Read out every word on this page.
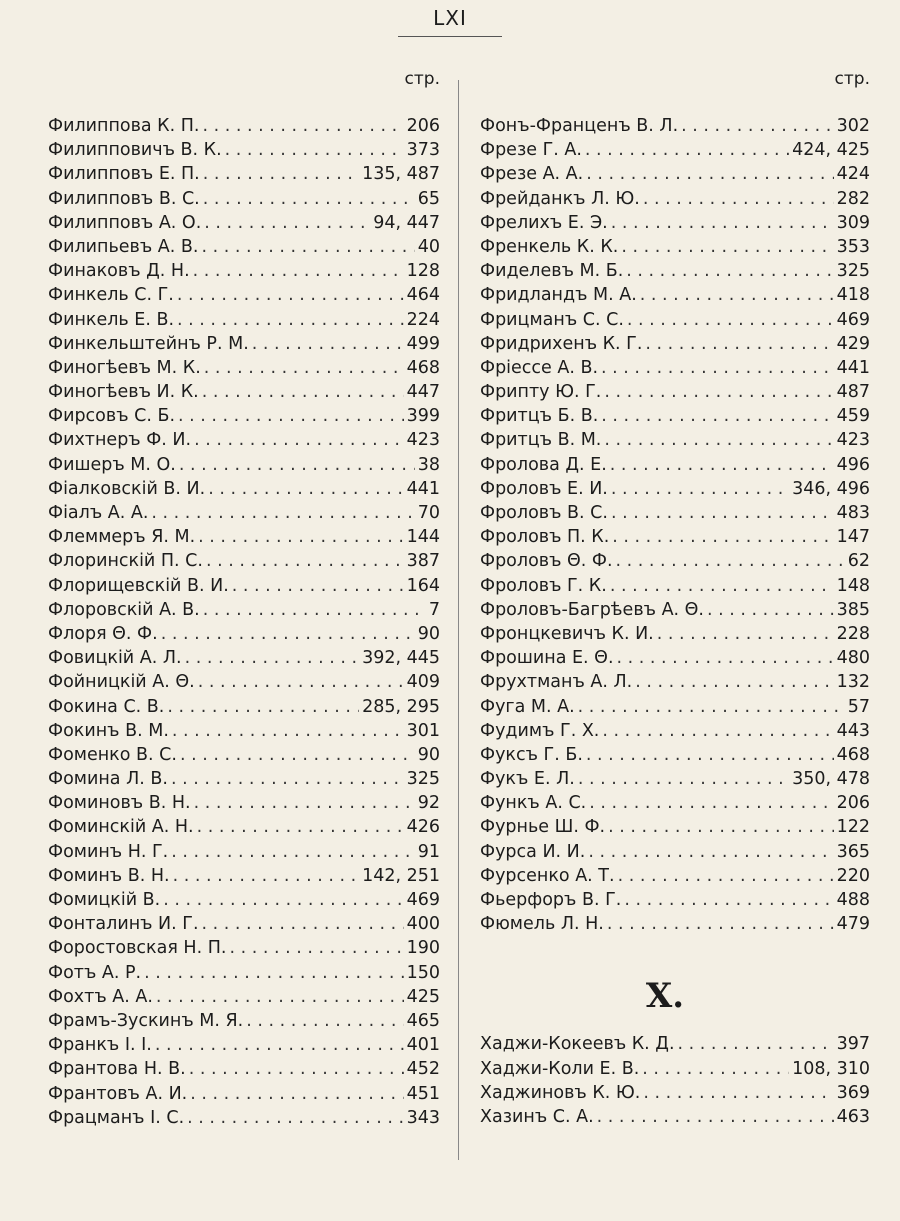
LXI
стр.
Филиппова К. П. . . .	206
Филипповичъ В. К. . . .	373
Филипповъ Е. П. . . .	135, 487
Филипповъ В. С. . . .	65
Филипповъ А. О. . . .	94, 447
Филипьевъ А. В. . . .	40
Финаковъ Д. Н. . . .	128
Финкель С. Г. . . .	464
Финкель Е. В. . . .	224
Финкельштейнъ Р. М. . . .	499
Финогѣевъ М. К. . . .	468
Финогѣевъ И. К. . . .	447
Фирсовъ С. Б. . . .	399
Фихтнеръ Ф. И. . . .	423
Фишеръ М. О. . . .	38
Фіалковскій В. И. . . .	441
Фіалъ А. А. . . .	70
Флеммеръ Я. М. . . .	144
Флоринскій П. С. . . .	387
Флорищевскій В. И. . . .	164
Флоровскій А. В. . . .	7
Флоря Θ. Ф. . . .	90
Фовицкій А. Л. . . .	392, 445
Фойницкій А. Θ. . . .	409
Фокина С. В. . . .	285, 295
Фокинъ В. М. . . .	301
Фоменко В. С. . . .	90
Фомина Л. В. . . .	325
Фоминовъ В. Н. . . .	92
Фоминскій А. Н. . . .	426
Фоминъ Н. Г. . . .	91
Фоминъ В. Н. . . .	142, 251
Фомицкій В. . . .	469
Фонталинъ И. Г. . . .	400
Форостовская Н. П. . . .	190
Фотъ А. Р. . . .	150
Фохтъ А. А. . . .	425
Фрамъ-Зускинъ М. Я. . . .	465
Франкъ І. І. . . .	401
Франтова Н. В. . . .	452
Франтовъ А. И. . . .	451
Фрацманъ І. С. . . .	343
стр.
Фонъ-Франценъ В. Л. . . .	302
Фрезе Г. А. . . .	424, 425
Фрезе А. А. . . .	424
Фрейданкъ Л. Ю. . . .	282
Фрелихъ Е. Э. . . .	309
Френкель К. К. . . .	353
Фиделевъ М. Б. . . .	325
Фридландъ М. А. . . .	418
Фрицманъ С. С. . . .	469
Фридрихенъ К. Г. . . .	429
Фріессе А. В. . . .	441
Фрипту Ю. Г. . . .	487
Фритцъ Б. В. . . .	459
Фритцъ В. М. . . .	423
Фролова Д. Е. . . .	496
Фроловъ Е. И. . . .	346, 496
Фроловъ В. С. . . .	483
Фроловъ П. К. . . .	147
Фроловъ Θ. Ф. . . .	62
Фроловъ Г. К. . . .	148
Фроловъ-Багрѣевъ А. Θ. . . .	385
Фронцкевичъ К. И. . . .	228
Фрошина Е. Θ. . . .	480
Фрухтманъ А. Л. . . .	132
Фуга М. А. . . .	57
Фудимъ Г. Х. . . .	443
Фуксъ Г. Б. . . .	468
Фукъ Е. Л. . . .	350, 478
Функъ А. С. . . .	206
Фурнье Ш. Ф. . . .	122
Фурса И. И. . . .	365
Фурсенко А. Т. . . .	220
Фьерфоръ В. Г. . . .	488
Фюмель Л. Н. . . .	479
Х.
Хаджи-Кокеевъ К. Д. . . .	397
Хаджи-Коли Е. В. . . .	108, 310
Хаджиновъ К. Ю. . . .	369
Хазинъ С. А. . . .	463
